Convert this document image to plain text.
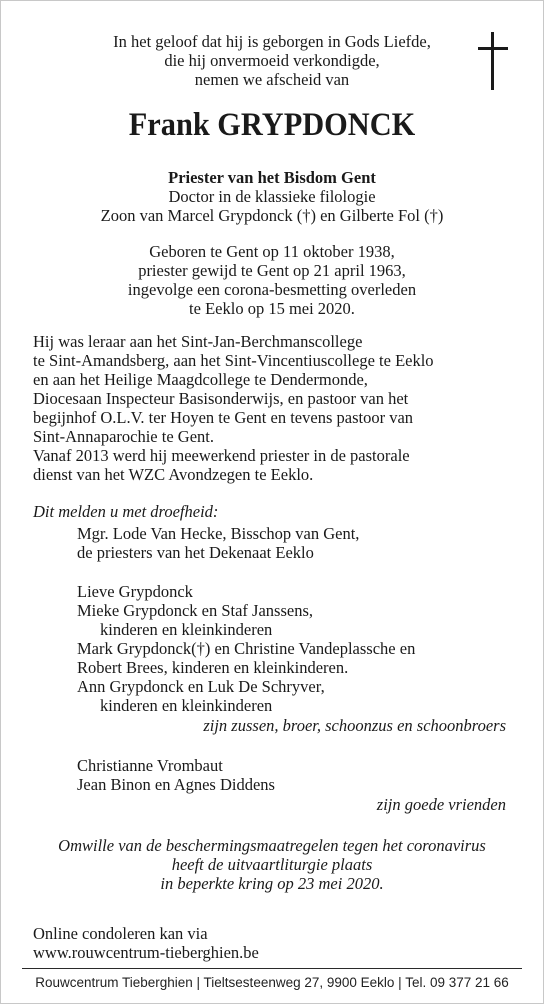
In het geloof dat hij is geborgen in Gods Liefde,
die hij onvermoeid verkondigde,
nemen we afscheid van
Frank GRYPDONCK
Priester van het Bisdom Gent
Doctor in de klassieke filologie
Zoon van Marcel Grypdonck (†) en Gilberte Fol (†)
Geboren te Gent op 11 oktober 1938,
priester gewijd te Gent op 21 april 1963,
ingevolge een corona-besmetting overleden
te Eeklo op 15 mei 2020.
Hij was leraar aan het Sint-Jan-Berchmanscollege
te Sint-Amandsberg, aan het Sint-Vincentiuscollege te Eeklo
en aan het Heilige Maagdcollege te Dendermonde,
Diocesaan Inspecteur Basisonderwijs, en pastoor van het
begijnhof O.L.V. ter Hoyen te Gent en tevens pastoor van
Sint-Annaparochie te Gent.
Vanaf 2013 werd hij meewerkend priester in de pastorale
dienst van het WZC Avondzegen te Eeklo.
Dit melden u met droefheid:
Mgr. Lode Van Hecke, Bisschop van Gent,
de priesters van het Dekenaat Eeklo
Lieve Grypdonck
Mieke Grypdonck en Staf Janssens,
kinderen en kleinkinderen
Mark Grypdonck(†) en Christine Vandeplassche en
Robert Brees, kinderen en kleinkinderen.
Ann Grypdonck en Luk De Schryver,
kinderen en kleinkinderen
zijn zussen, broer, schoonzus en schoonbroers
Christianne Vrombaut
Jean Binon en Agnes Diddens
zijn goede vrienden
Omwille van de beschermingsmaatregelen tegen het coronavirus
heeft de uitvaartliturgie plaats
in beperkte kring op 23 mei 2020.
Online condoleren kan via
www.rouwcentrum-tieberghien.be
Rouwcentrum Tieberghien | Tieltsesteenweg 27, 9900 Eeklo | Tel. 09 377 21 66
